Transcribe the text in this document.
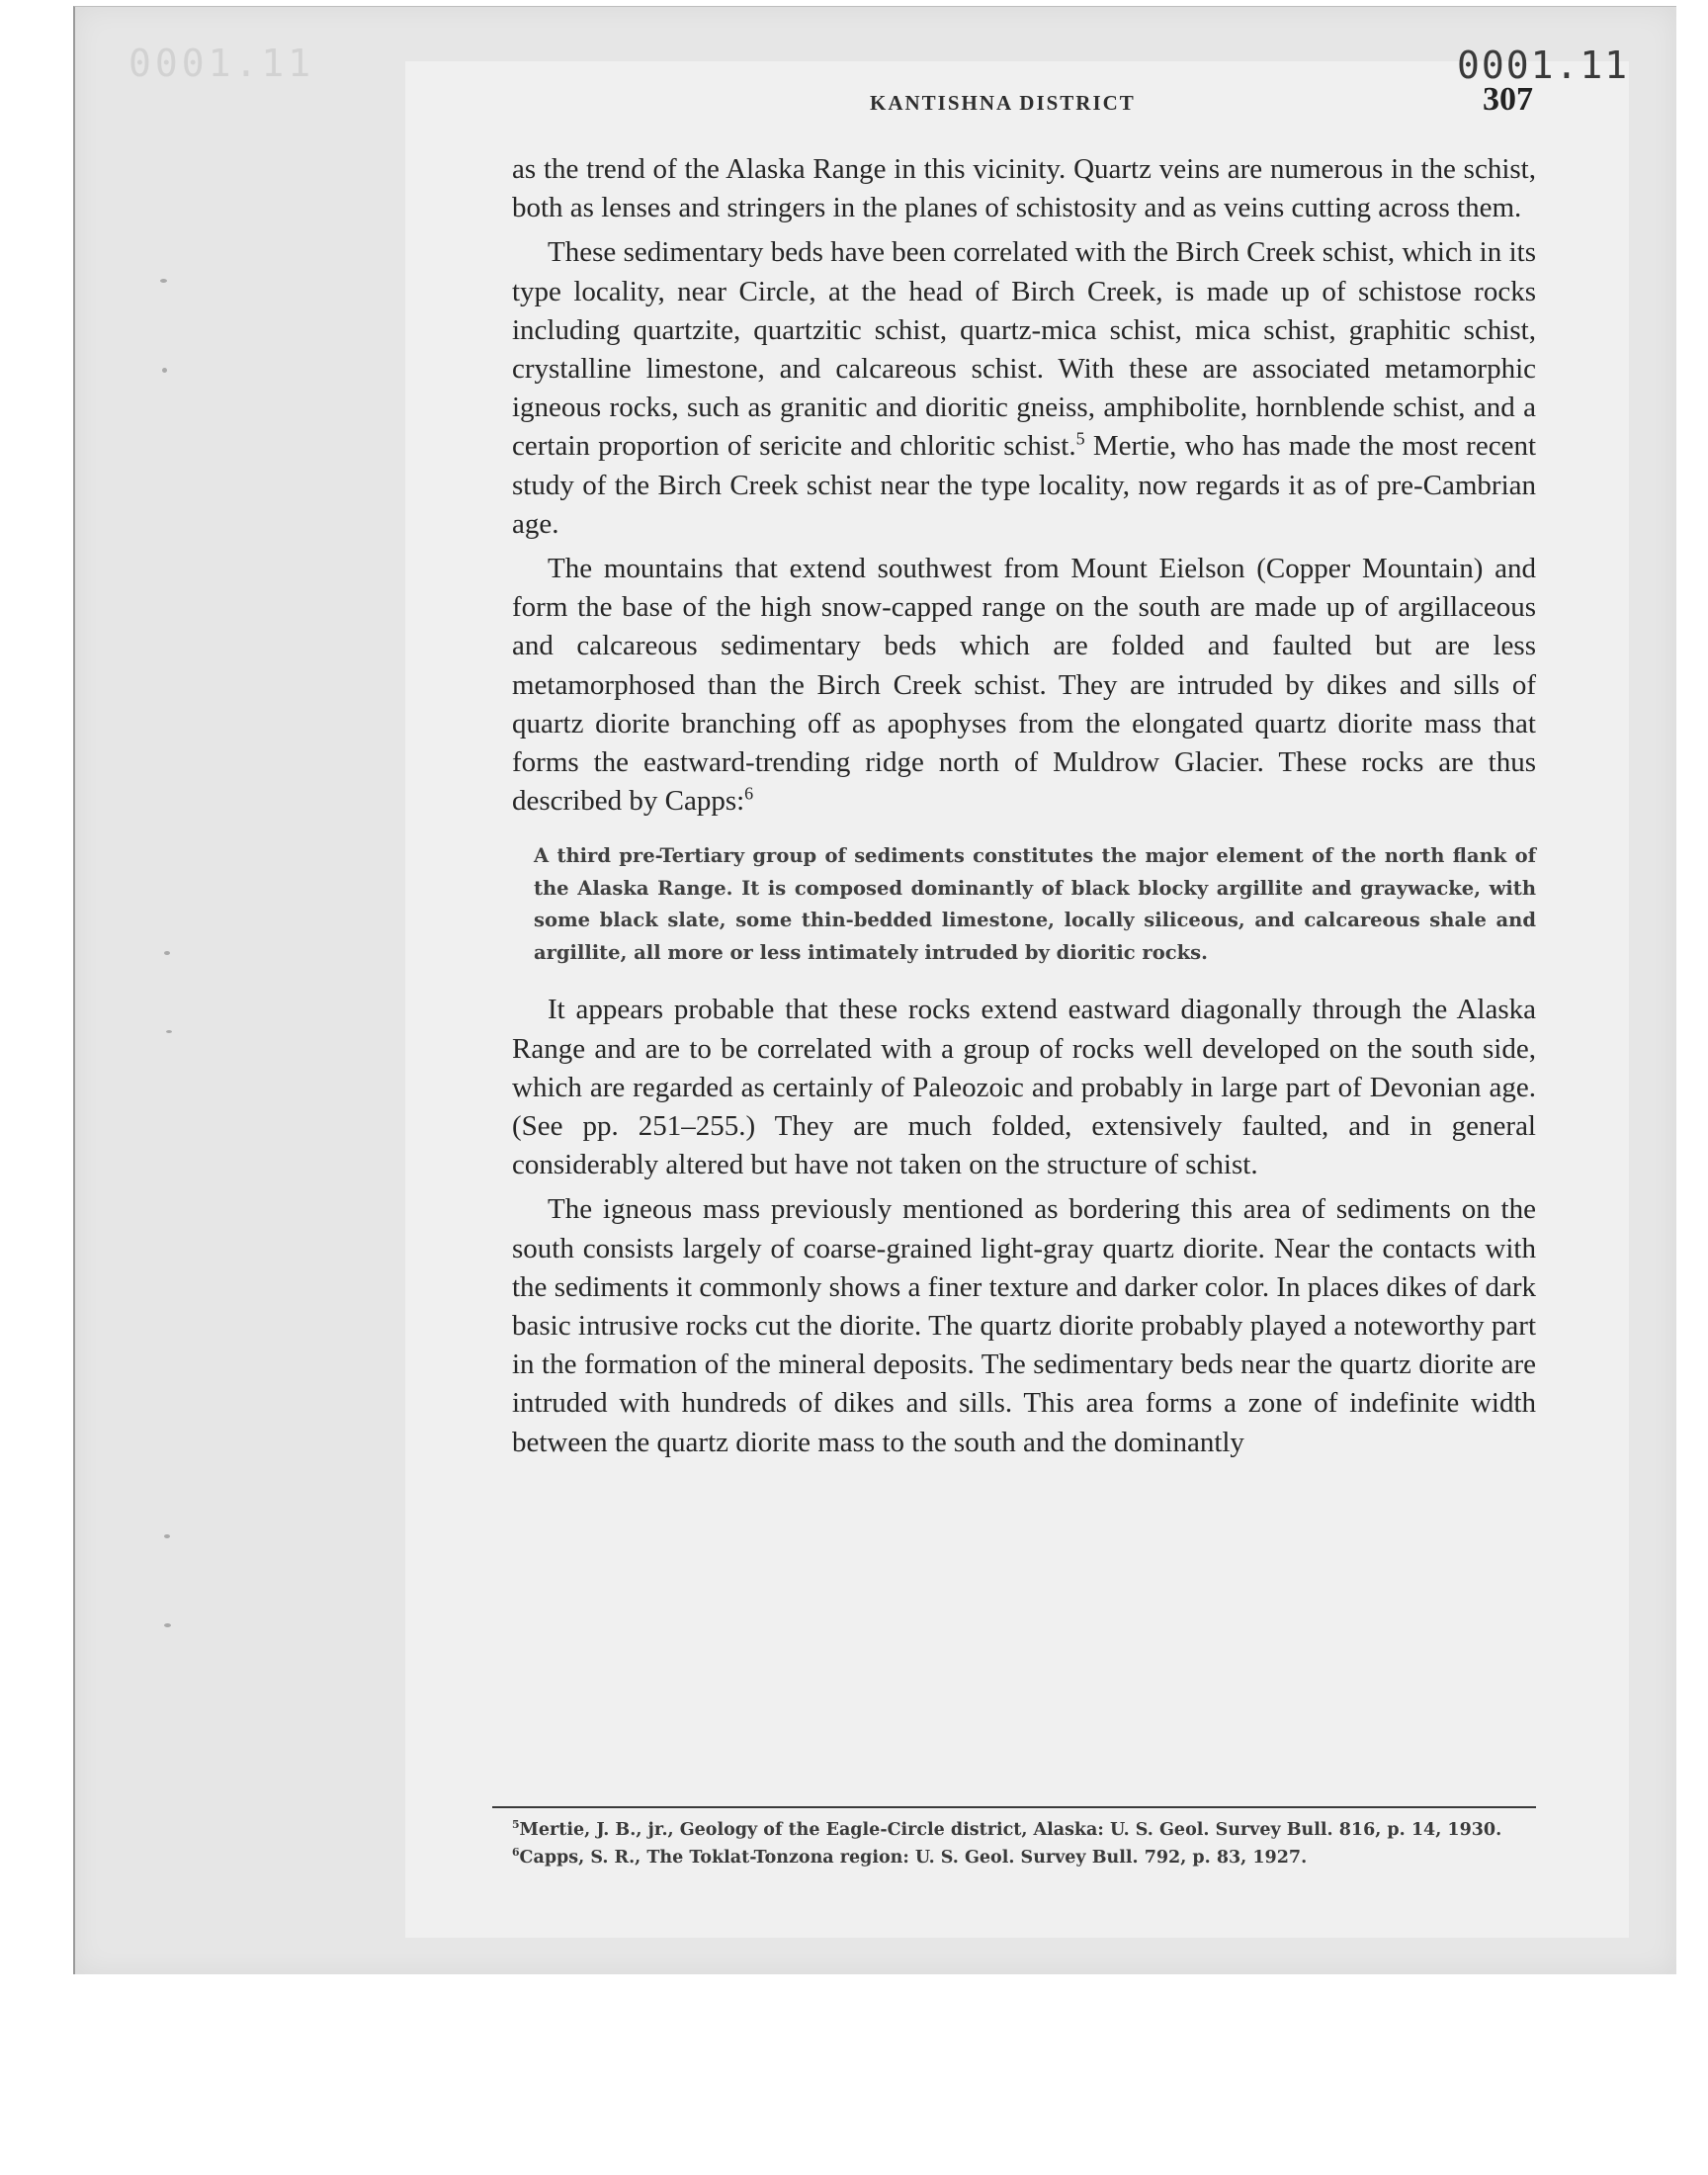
0001.11	0001.11
KANTISHNA DISTRICT	307

as the trend of the Alaska Range in this vicinity. Quartz veins are numerous in the schist, both as lenses and stringers in the planes of schistosity and as veins cutting across them.

These sedimentary beds have been correlated with the Birch Creek schist, which in its type locality, near Circle, at the head of Birch Creek, is made up of schistose rocks including quartzite, quartzitic schist, quartz-mica schist, mica schist, graphitic schist, crystalline limestone, and calcareous schist. With these are associated metamorphic igneous rocks, such as granitic and dioritic gneiss, amphibolite, hornblende schist, and a certain proportion of sericite and chloritic schist.$^5$ Mertie, who has made the most recent study of the Birch Creek schist near the type locality, now regards it as of pre-Cambrian age.

The mountains that extend southwest from Mount Eielson (Copper Mountain) and form the base of the high snow-capped range on the south are made up of argillaceous and calcareous sedimentary beds which are folded and faulted but are less metamorphosed than the Birch Creek schist. They are intruded by dikes and sills of quartz diorite branching off as apophyses from the elongated quartz diorite mass that forms the eastward-trending ridge north of Muldrow Glacier. These rocks are thus described by Capps:$^6$

A third pre-Tertiary group of sediments constitutes the major element of the north flank of the Alaska Range. It is composed dominantly of black blocky argillite and graywacke, with some black slate, some thin-bedded limestone, locally siliceous, and calcareous shale and argillite, all more or less intimately intruded by dioritic rocks.

It appears probable that these rocks extend eastward diagonally through the Alaska Range and are to be correlated with a group of rocks well developed on the south side, which are regarded as certainly of Paleozoic and probably in large part of Devonian age. (See pp. 251–255.) They are much folded, extensively faulted, and in general considerably altered but have not taken on the structure of schist.

The igneous mass previously mentioned as bordering this area of sediments on the south consists largely of coarse-grained light-gray quartz diorite. Near the contacts with the sediments it commonly shows a finer texture and darker color. In places dikes of dark basic intrusive rocks cut the diorite. The quartz diorite probably played a noteworthy part in the formation of the mineral deposits. The sedimentary beds near the quartz diorite are intruded with hundreds of dikes and sills. This area forms a zone of indefinite width between the quartz diorite mass to the south and the dominantly

$^5$Mertie, J. B., jr., Geology of the Eagle-Circle district, Alaska: U. S. Geol. Survey Bull. 816, p. 14, 1930.

$^6$Capps, S. R., The Toklat-Tonzona region: U. S. Geol. Survey Bull. 792, p. 83, 1927.
